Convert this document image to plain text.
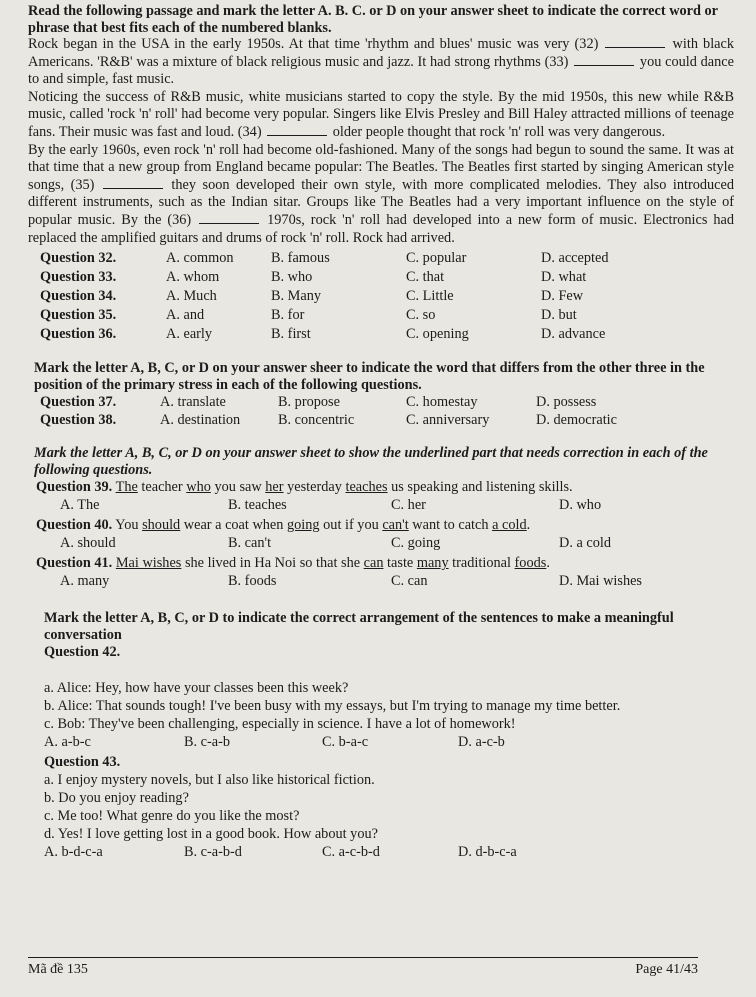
Read the following passage and mark the letter A. B. C. or D on your answer sheet to indicate the correct word or phrase that best fits each of the numbered blanks.
Rock began in the USA in the early 1950s. At that time 'rhythm and blues' music was very (32)	with black Americans. 'R&B' was a mixture of black religious music and jazz. It had strong rhythms (33)	you could dance to and simple, fast music.
Noticing the success of R&B music, white musicians started to copy the style. By the mid 1950s, this new while R&B music, called 'rock 'n' roll' had become very popular. Singers like Elvis Presley and Bill Haley attracted millions of teenage fans. Their music was fast and loud. (34)	older people thought that rock 'n' roll was very dangerous.
By the early 1960s, even rock 'n' roll had become old-fashioned. Many of the songs had begun to sound the same. It was at that time that a new group from England became popular: The Beatles. The Beatles first started by singing American style songs, (35)	they soon developed their own style, with more complicated melodies. They also introduced different instruments, such as the Indian sitar. Groups like The Beatles had a very important influence on the style of popular music. By the (36)	1970s, rock 'n' roll had developed into a new form of music. Electronics had replaced the amplified guitars and drums of rock 'n' roll. Rock had arrived.
Question 32.	A. common	B. famous	C. popular	D. accepted
Question 33.	A. whom	B. who	C. that	D. what
Question 34.	A. Much	B. Many	C. Little	D. Few
Question 35.	A. and	B. for	C. so	D. but
Question 36.	A. early	B. first	C. opening	D. advance
Mark the letter A, B, C, or D on your answer sheer to indicate the word that differs from the other three in the position of the primary stress in each of the following questions.
Question 37.	A. translate	B. propose	C. homestay	D. possess
Question 38.	A. destination	B. concentric	C. anniversary	D. democratic
Mark the letter A, B, C, or D on your answer sheet to show the underlined part that needs correction in each of the following questions.
Question 39. The teacher who you saw her yesterday teaches us speaking and listening skills.
A. The	B. teaches	C. her	D. who
Question 40. You should wear a coat when going out if you can't want to catch a cold.
A. should	B. can't	C. going	D. a cold
Question 41. Mai wishes she lived in Ha Noi so that she can taste many traditional foods.
A. many	B. foods	C. can	D. Mai wishes
Mark the letter A, B, C, or D to indicate the correct arrangement of the sentences to make a meaningful conversation
Question 42.
a. Alice: Hey, how have your classes been this week?
b. Alice: That sounds tough! I've been busy with my essays, but I'm trying to manage my time better.
c. Bob: They've been challenging, especially in science. I have a lot of homework!
A. a-b-c	B. c-a-b	C. b-a-c	D. a-c-b
Question 43.
a. I enjoy mystery novels, but I also like historical fiction.
b. Do you enjoy reading?
c. Me too! What genre do you like the most?
d. Yes! I love getting lost in a good book. How about you?
A. b-d-c-a	B. c-a-b-d	C. a-c-b-d	D. d-b-c-a
Mã đề 135	Page 41/43
